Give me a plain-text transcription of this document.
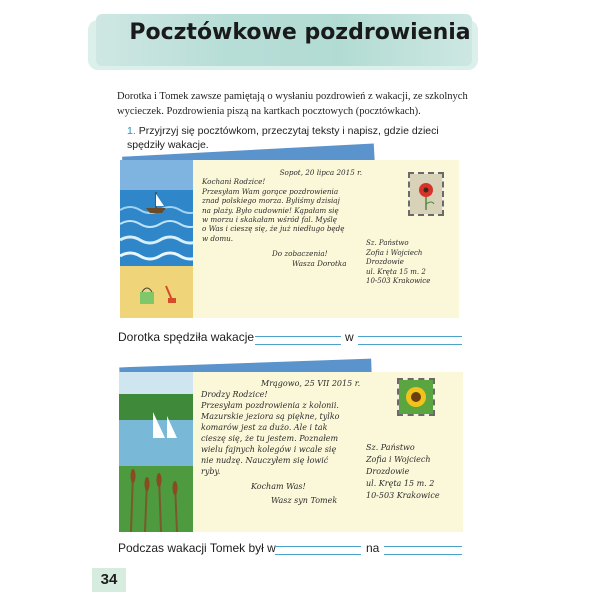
Pocztówkowe pozdrowienia
Dorotka i Tomek zawsze pamiętają o wysłaniu pozdrowień z wakacji, ze szkolnych wycieczek. Pozdrowienia piszą na kartkach pocztowych (pocztówkach).
1. Przyjrzyj się pocztówkom, przeczytaj teksty i napisz, gdzie dzieci spędziły wakacje.
Sopot, 20 lipca 2015 r.
Kochani Rodzice!
Przesyłam Wam gorące pozdrowienia
znad polskiego morza. Byliśmy dzisiaj
na plaży. Było cudownie! Kąpałam się
w morzu i skakałam wśród fal. Myślę
o Was i cieszę się, że już niedługo będę
w domu.
Do zobaczenia!
Wasza Dorotka
Sz. Państwo
Zofia i Wojciech
Drozdowie
ul. Kręta 15 m. 2
10-503 Krakowice
Dorotka spędziła wakacje	w
Mrągowo, 25 VII 2015 r.
Drodzy Rodzice!
Przesyłam pozdrowienia z kolonii.
Mazurskie jeziora są piękne, tylko
komarów jest za dużo. Ale i tak
cieszę się, że tu jestem. Poznałem
wielu fajnych kolegów i wcale się
nie nudzę. Nauczyłem się łowić
ryby.
Kocham Was!
Wasz syn Tomek
Sz. Państwo
Zofia i Wojciech
Drozdowie
ul. Kręta 15 m. 2
10-503 Krakowice
Podczas wakacji Tomek był w	na
34
